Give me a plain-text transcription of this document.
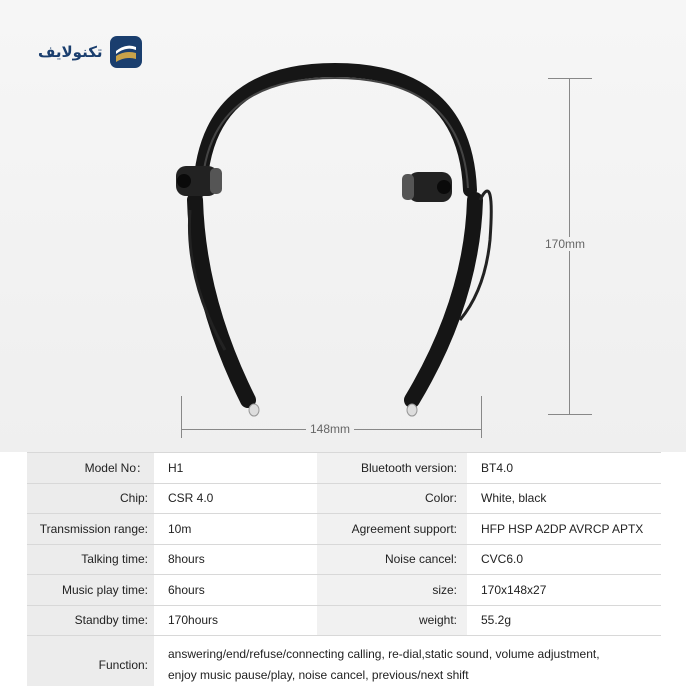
تکنولایف
170mm
148mm
Model No：	H1	Bluetooth version:	BT4.0
Chip:	CSR 4.0	Color:	White, black
Transmission range:	10m	Agreement support:	HFP HSP A2DP AVRCP APTX
Talking time:	8hours	Noise cancel:	CVC6.0
Music play time:	6hours	size:	170x148x27
Standby time:	170hours	weight:	55.2g
Function:	answering/end/refuse/connecting calling, re-dial,static sound, volume adjustment,
enjoy music pause/play, noise cancel, previous/next shift		
